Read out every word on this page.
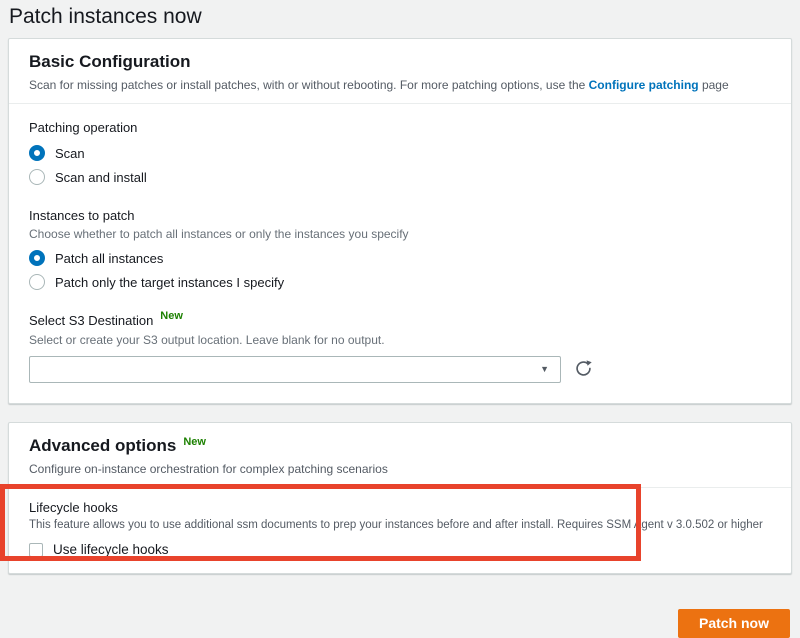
Patch instances now
Basic Configuration
Scan for missing patches or install patches, with or without rebooting. For more patching options, use the Configure patching page
Patching operation
Scan
Scan and install
Instances to patch
Choose whether to patch all instances or only the instances you specify
Patch all instances
Patch only the target instances I specify
Select S3 Destination $^{New}$
Select or create your S3 output location. Leave blank for no output.
▼
Advanced options $^{New}$
Configure on-instance orchestration for complex patching scenarios
Lifecycle hooks
This feature allows you to use additional ssm documents to prep your instances before and after install. Requires SSM Agent v 3.0.502 or higher
Use lifecycle hooks
Patch now
